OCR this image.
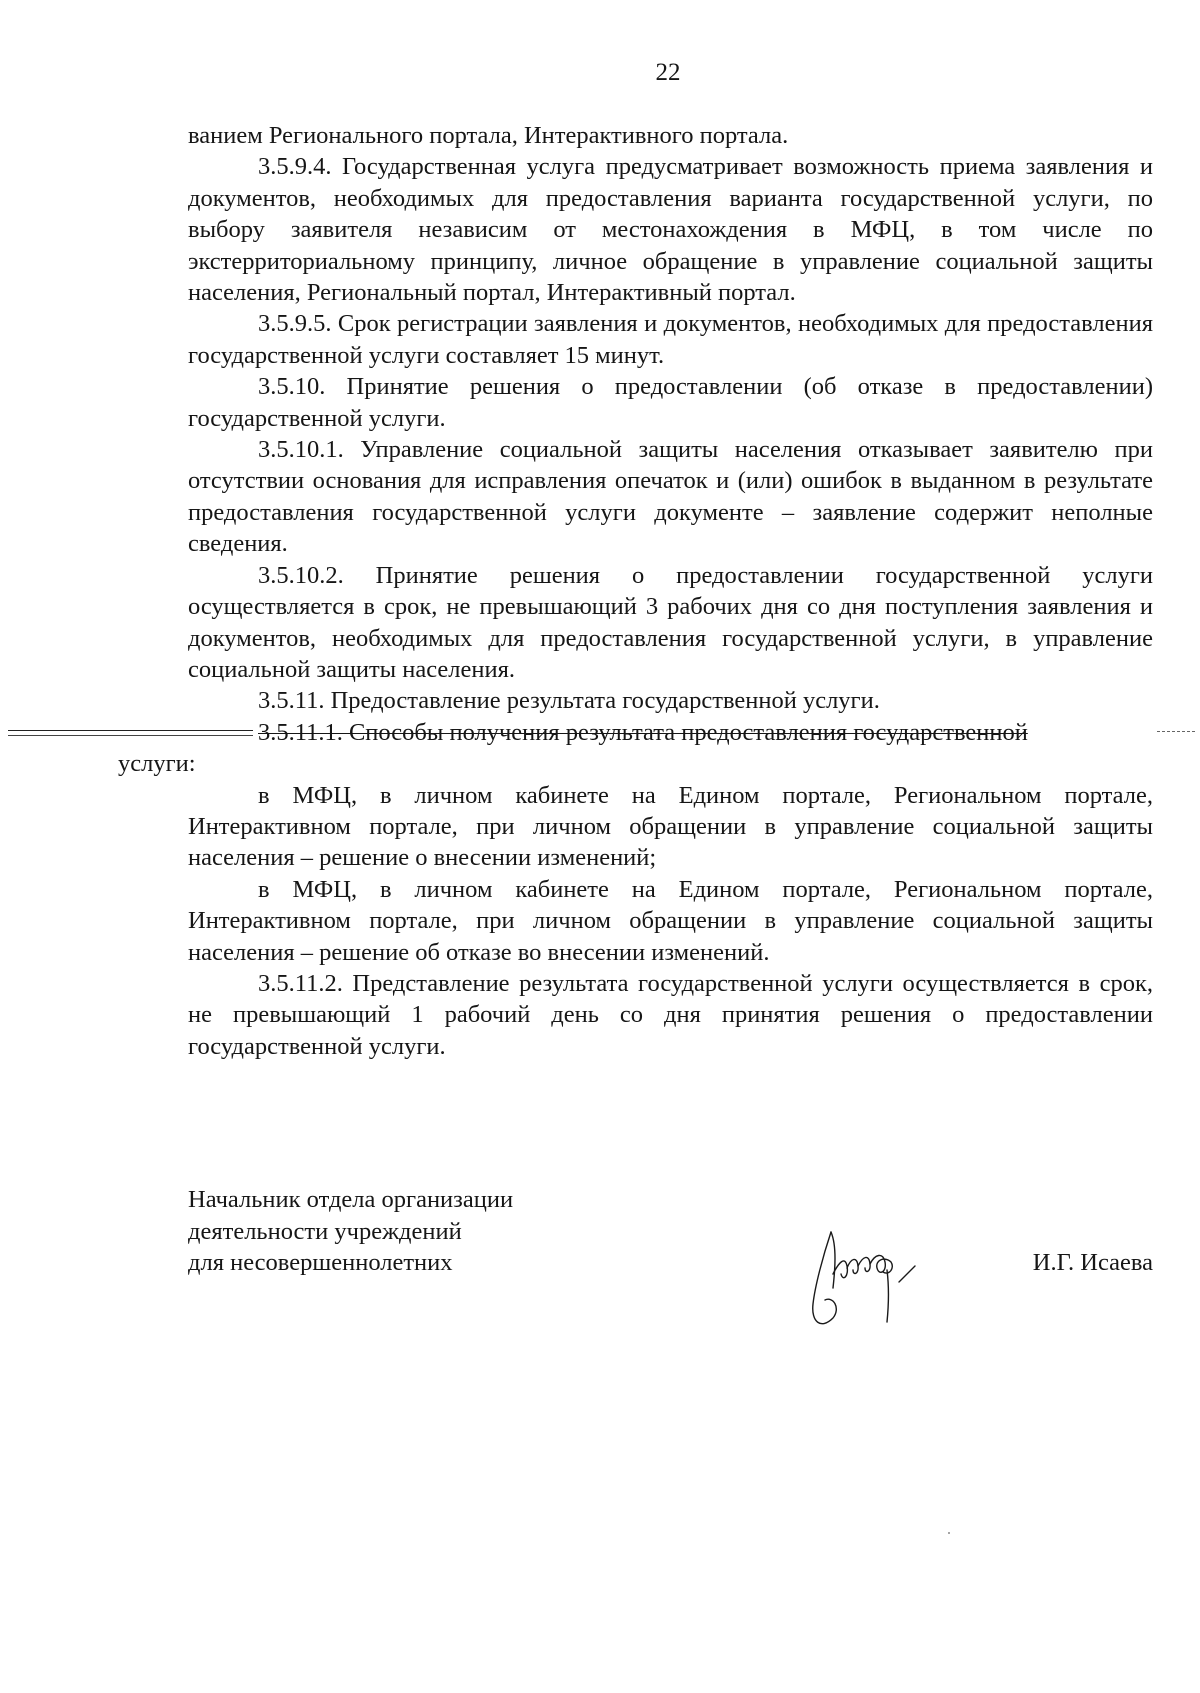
22

ванием Регионального портала, Интерактивного портала.

3.5.9.4. Государственная услуга предусматривает возможность приема заявления и документов, необходимых для предоставления варианта государственной услуги, по выбору заявителя независим от местонахождения в МФЦ, в том числе по экстерриториальному принципу, личное обращение в управление социальной защиты населения, Региональный портал, Интерактивный портал.

3.5.9.5. Срок регистрации заявления и документов, необходимых для предоставления государственной услуги составляет 15 минут.

3.5.10. Принятие решения о предоставлении (об отказе в предоставлении) государственной услуги.

3.5.10.1. Управление социальной защиты населения отказывает заявителю при отсутствии основания для исправления опечаток и (или) ошибок в выданном в результате предоставления государственной услуги документе – заявление содержит неполные сведения.

3.5.10.2. Принятие решения о предоставлении государственной услуги осуществляется в срок, не превышающий 3 рабочих дня со дня поступления заявления и документов, необходимых для предоставления государственной услуги, в управление социальной защиты населения.

3.5.11. Предоставление результата государственной услуги.

3.5.11.1. Способы получения результата предоставления государственной

услуги:

в МФЦ, в личном кабинете на Едином портале, Региональном портале, Интерактивном портале, при личном обращении в управление социальной защиты населения – решение о внесении изменений;

в МФЦ, в личном кабинете на Едином портале, Региональном портале, Интерактивном портале, при личном обращении в управление социальной защиты населения – решение об отказе во внесении изменений.

3.5.11.2. Представление результата государственной услуги осуществляется в срок, не превышающий 1 рабочий день со дня принятия решения о предоставлении государственной услуги.

Начальник отдела организации
деятельности учреждений
для несовершеннолетних	И.Г. Исаева
